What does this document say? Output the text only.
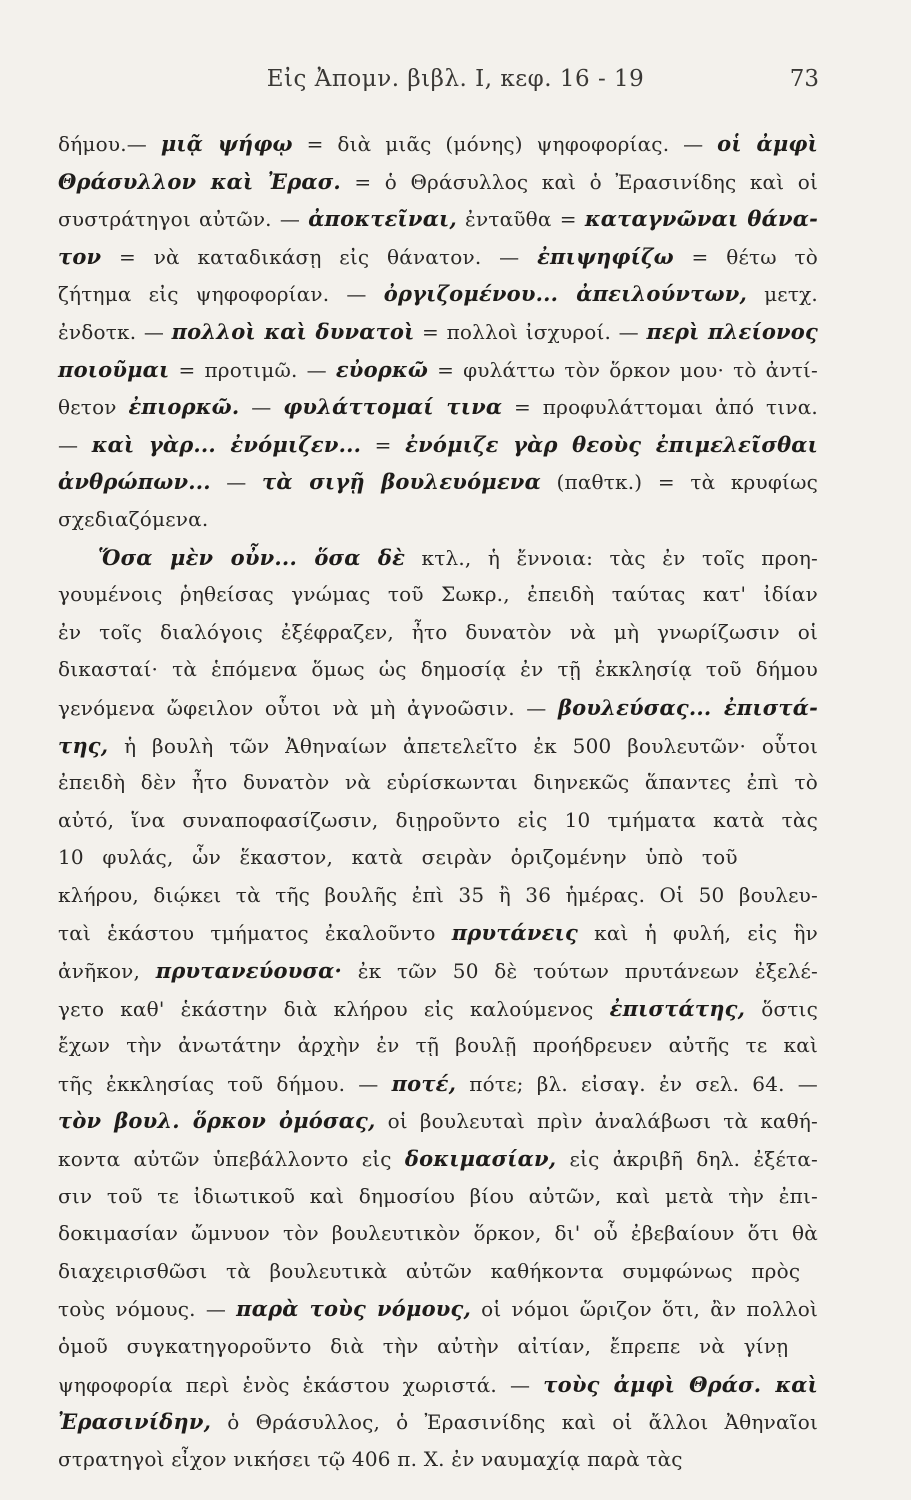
Εἰς Ἀπομν. βιβλ. Ι, κεφ. 16 - 19	73
δήμου.— μιᾷ ψήφῳ = διὰ μιᾶς (μόνης) ψηφοφορίας. — οἱ ἀμφὶ
Θράσυλλον καὶ Ἐρασ. = ὁ Θράσυλλος καὶ ὁ Ἐρασινίδης καὶ οἱ
συστράτηγοι αὐτῶν. — ἀποκτεῖναι, ἐνταῦθα = καταγνῶναι θάνα-
τον = νὰ καταδικάσῃ εἰς θάνατον. — ἐπιψηφίζω = θέτω τὸ
ζήτημα εἰς ψηφοφορίαν. — ὀργιζομένου... ἀπειλούντων, μετχ.
ἐνδοτκ. — πολλοὶ καὶ δυνατοὶ = πολλοὶ ἰσχυροί. — περὶ πλείονος
ποιοῦμαι = προτιμῶ. — εὐορκῶ = φυλάττω τὸν ὅρκον μου· τὸ ἀντί-
θετον ἐπιορκῶ. — φυλάττομαί τινα = προφυλάττομαι ἀπό τινα.
— καὶ γὰρ... ἐνόμιζεν... = ἐνόμιζε γὰρ θεοὺς ἐπιμελεῖσθαι
ἀνθρώπων... — τὰ σιγῇ βουλευόμενα (παθτκ.) = τὰ κρυφίως
σχεδιαζόμενα.
Ὅσα μὲν οὖν... ὅσα δὲ κτλ., ἡ ἔννοια: τὰς ἐν τοῖς προη-
γουμένοις ῥηθείσας γνώμας τοῦ Σωκρ., ἐπειδὴ ταύτας κατ' ἰδίαν
ἐν τοῖς διαλόγοις ἐξέφραζεν, ἦτο δυνατὸν νὰ μὴ γνωρίζωσιν οἱ
δικασταί· τὰ ἑπόμενα ὅμως ὡς δημοσίᾳ ἐν τῇ ἐκκλησίᾳ τοῦ δήμου
γενόμενα ὤφειλον οὗτοι νὰ μὴ ἀγνοῶσιν. — βουλεύσας... ἐπιστά-
της, ἡ βουλὴ τῶν Ἀθηναίων ἀπετελεῖτο ἐκ 500 βουλευτῶν· οὗτοι
ἐπειδὴ δὲν ἦτο δυνατὸν νὰ εὑρίσκωνται διηνεκῶς ἅπαντες ἐπὶ τὸ
αὐτό, ἵνα συναποφασίζωσιν, διῃροῦντο εἰς 10 τμήματα κατὰ τὰς
10 φυλάς, ὧν ἕκαστον, κατὰ σειρὰν ὁριζομένην ὑπὸ τοῦ
κλήρου, διῴκει τὰ τῆς βουλῆς ἐπὶ 35 ἢ 36 ἡμέρας. Οἱ 50 βουλευ-
ταὶ ἑκάστου τμήματος ἐκαλοῦντο πρυτάνεις καὶ ἡ φυλή, εἰς ἣν
ἀνῆκον, πρυτανεύουσα· ἐκ τῶν 50 δὲ τούτων πρυτάνεων ἐξελέ-
γετο καθ' ἑκάστην διὰ κλήρου εἰς καλούμενος ἐπιστάτης, ὅστις
ἔχων τὴν ἀνωτάτην ἀρχὴν ἐν τῇ βουλῇ προήδρευεν αὐτῆς τε καὶ
τῆς ἐκκλησίας τοῦ δήμου. — ποτέ, πότε; βλ. εἰσαγ. ἐν σελ. 64. —
τὸν βουλ. ὅρκον ὀμόσας, οἱ βουλευταὶ πρὶν ἀναλάβωσι τὰ καθή-
κοντα αὐτῶν ὑπεβάλλοντο εἰς δοκιμασίαν, εἰς ἀκριβῆ δηλ. ἐξέτα-
σιν τοῦ τε ἰδιωτικοῦ καὶ δημοσίου βίου αὐτῶν, καὶ μετὰ τὴν ἐπι-
δοκιμασίαν ὤμνυον τὸν βουλευτικὸν ὅρκον, δι' οὗ ἐβεβαίουν ὅτι θὰ
διαχειρισθῶσι τὰ βουλευτικὰ αὐτῶν καθήκοντα συμφώνως πρὸς
τοὺς νόμους. — παρὰ τοὺς νόμους, οἱ νόμοι ὥριζον ὅτι, ἂν πολλοὶ
ὁμοῦ συγκατηγοροῦντο διὰ τὴν αὐτὴν αἰτίαν, ἔπρεπε νὰ γίνῃ
ψηφοφορία περὶ ἑνὸς ἑκάστου χωριστά. — τοὺς ἀμφὶ Θράσ. καὶ
Ἐρασινίδην, ὁ Θράσυλλος, ὁ Ἐρασινίδης καὶ οἱ ἄλλοι Ἀθηναῖοι
στρατηγοὶ εἶχον νικήσει τῷ 406 π. Χ. ἐν ναυμαχίᾳ παρὰ τὰς
